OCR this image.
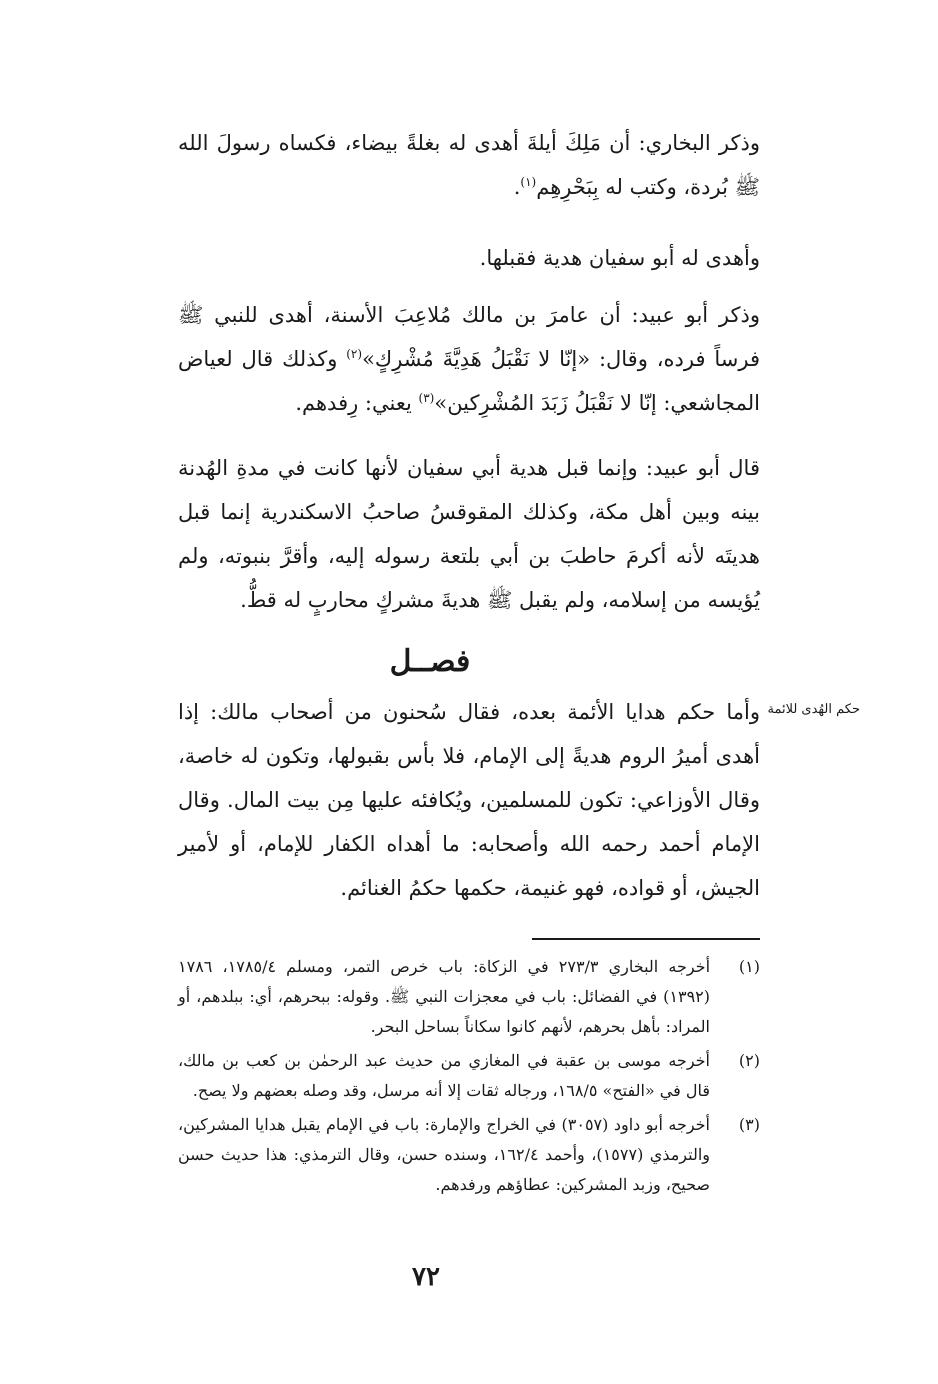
وذكر البخاري: أن مَلِكَ أيلةَ أهدى له بغلةً بيضاء، فكساه رسولَ الله ﷺ بُردة، وكتب له بِبَحْرِهِم$^{(١)}$.

وأهدى له أبو سفيان هدية فقبلها.

وذكر أبو عبيد: أن عامرَ بن مالك مُلاعِبَ الأسنة، أهدى للنبي ﷺ فرساً فرده، وقال: «إنّا لا نَقْبَلُ هَدِيَّةَ مُشْرِكٍ»$^{(٢)}$ وكذلك قال لعياض المجاشعي: إنّا لا نَقْبَلُ زَبَدَ المُشْرِكين»$^{(٣)}$ يعني: رِفدهم.

قال أبو عبيد: وإنما قبل هدية أبي سفيان لأنها كانت في مدةِ الهُدنة بينه وبين أهل مكة، وكذلك المقوقسُ صاحبُ الاسكندرية إنما قبل هديتَه لأنه أكرمَ حاطبَ بن أبي بلتعة رسوله إليه، وأقرَّ بنبوته، ولم يُؤيسه من إسلامه، ولم يقبل ﷺ هديةَ مشركٍ محاربٍ له قطُّ.

فصــل
حكم الهُدى للائمة

وأما حكم هدايا الأئمة بعده، فقال سُحنون من أصحاب مالك: إذا أهدى أميرُ الروم هديةً إلى الإمام، فلا بأس بقبولها، وتكون له خاصة، وقال الأوزاعي: تكون للمسلمين، ويُكافئه عليها مِن بيت المال. وقال الإمام أحمد رحمه الله وأصحابه: ما أهداه الكفار للإمام، أو لأمير الجيش، أو قواده، فهو غنيمة، حكمها حكمُ الغنائم.

(١)
أخرجه البخاري ٢٧٣/٣ في الزكاة: باب خرص التمر، ومسلم ١٧٨٥/٤، ١٧٨٦ (١٣٩٢) في الفضائل: باب في معجزات النبي ﷺ. وقوله: ببحرهم، أي: ببلدهم، أو المراد: بأهل بحرهم، لأنهم كانوا سكاناً بساحل البحر.
(٢)
أخرجه موسى بن عقبة في المغازي من حديث عبد الرحمٰن بن كعب بن مالك، قال في «الفتح» ١٦٨/٥، ورجاله ثقات إلا أنه مرسل، وقد وصله بعضهم ولا يصح.
(٣)
أخرجه أبو داود (٣٠٥٧) في الخراج والإمارة: باب في الإمام يقبل هدايا المشركين، والترمذي (١٥٧٧)، وأحمد ١٦٢/٤، وسنده حسن، وقال الترمذي: هذا حديث حسن صحيح، وزبد المشركين: عطاؤهم ورفدهم.
٧٢
